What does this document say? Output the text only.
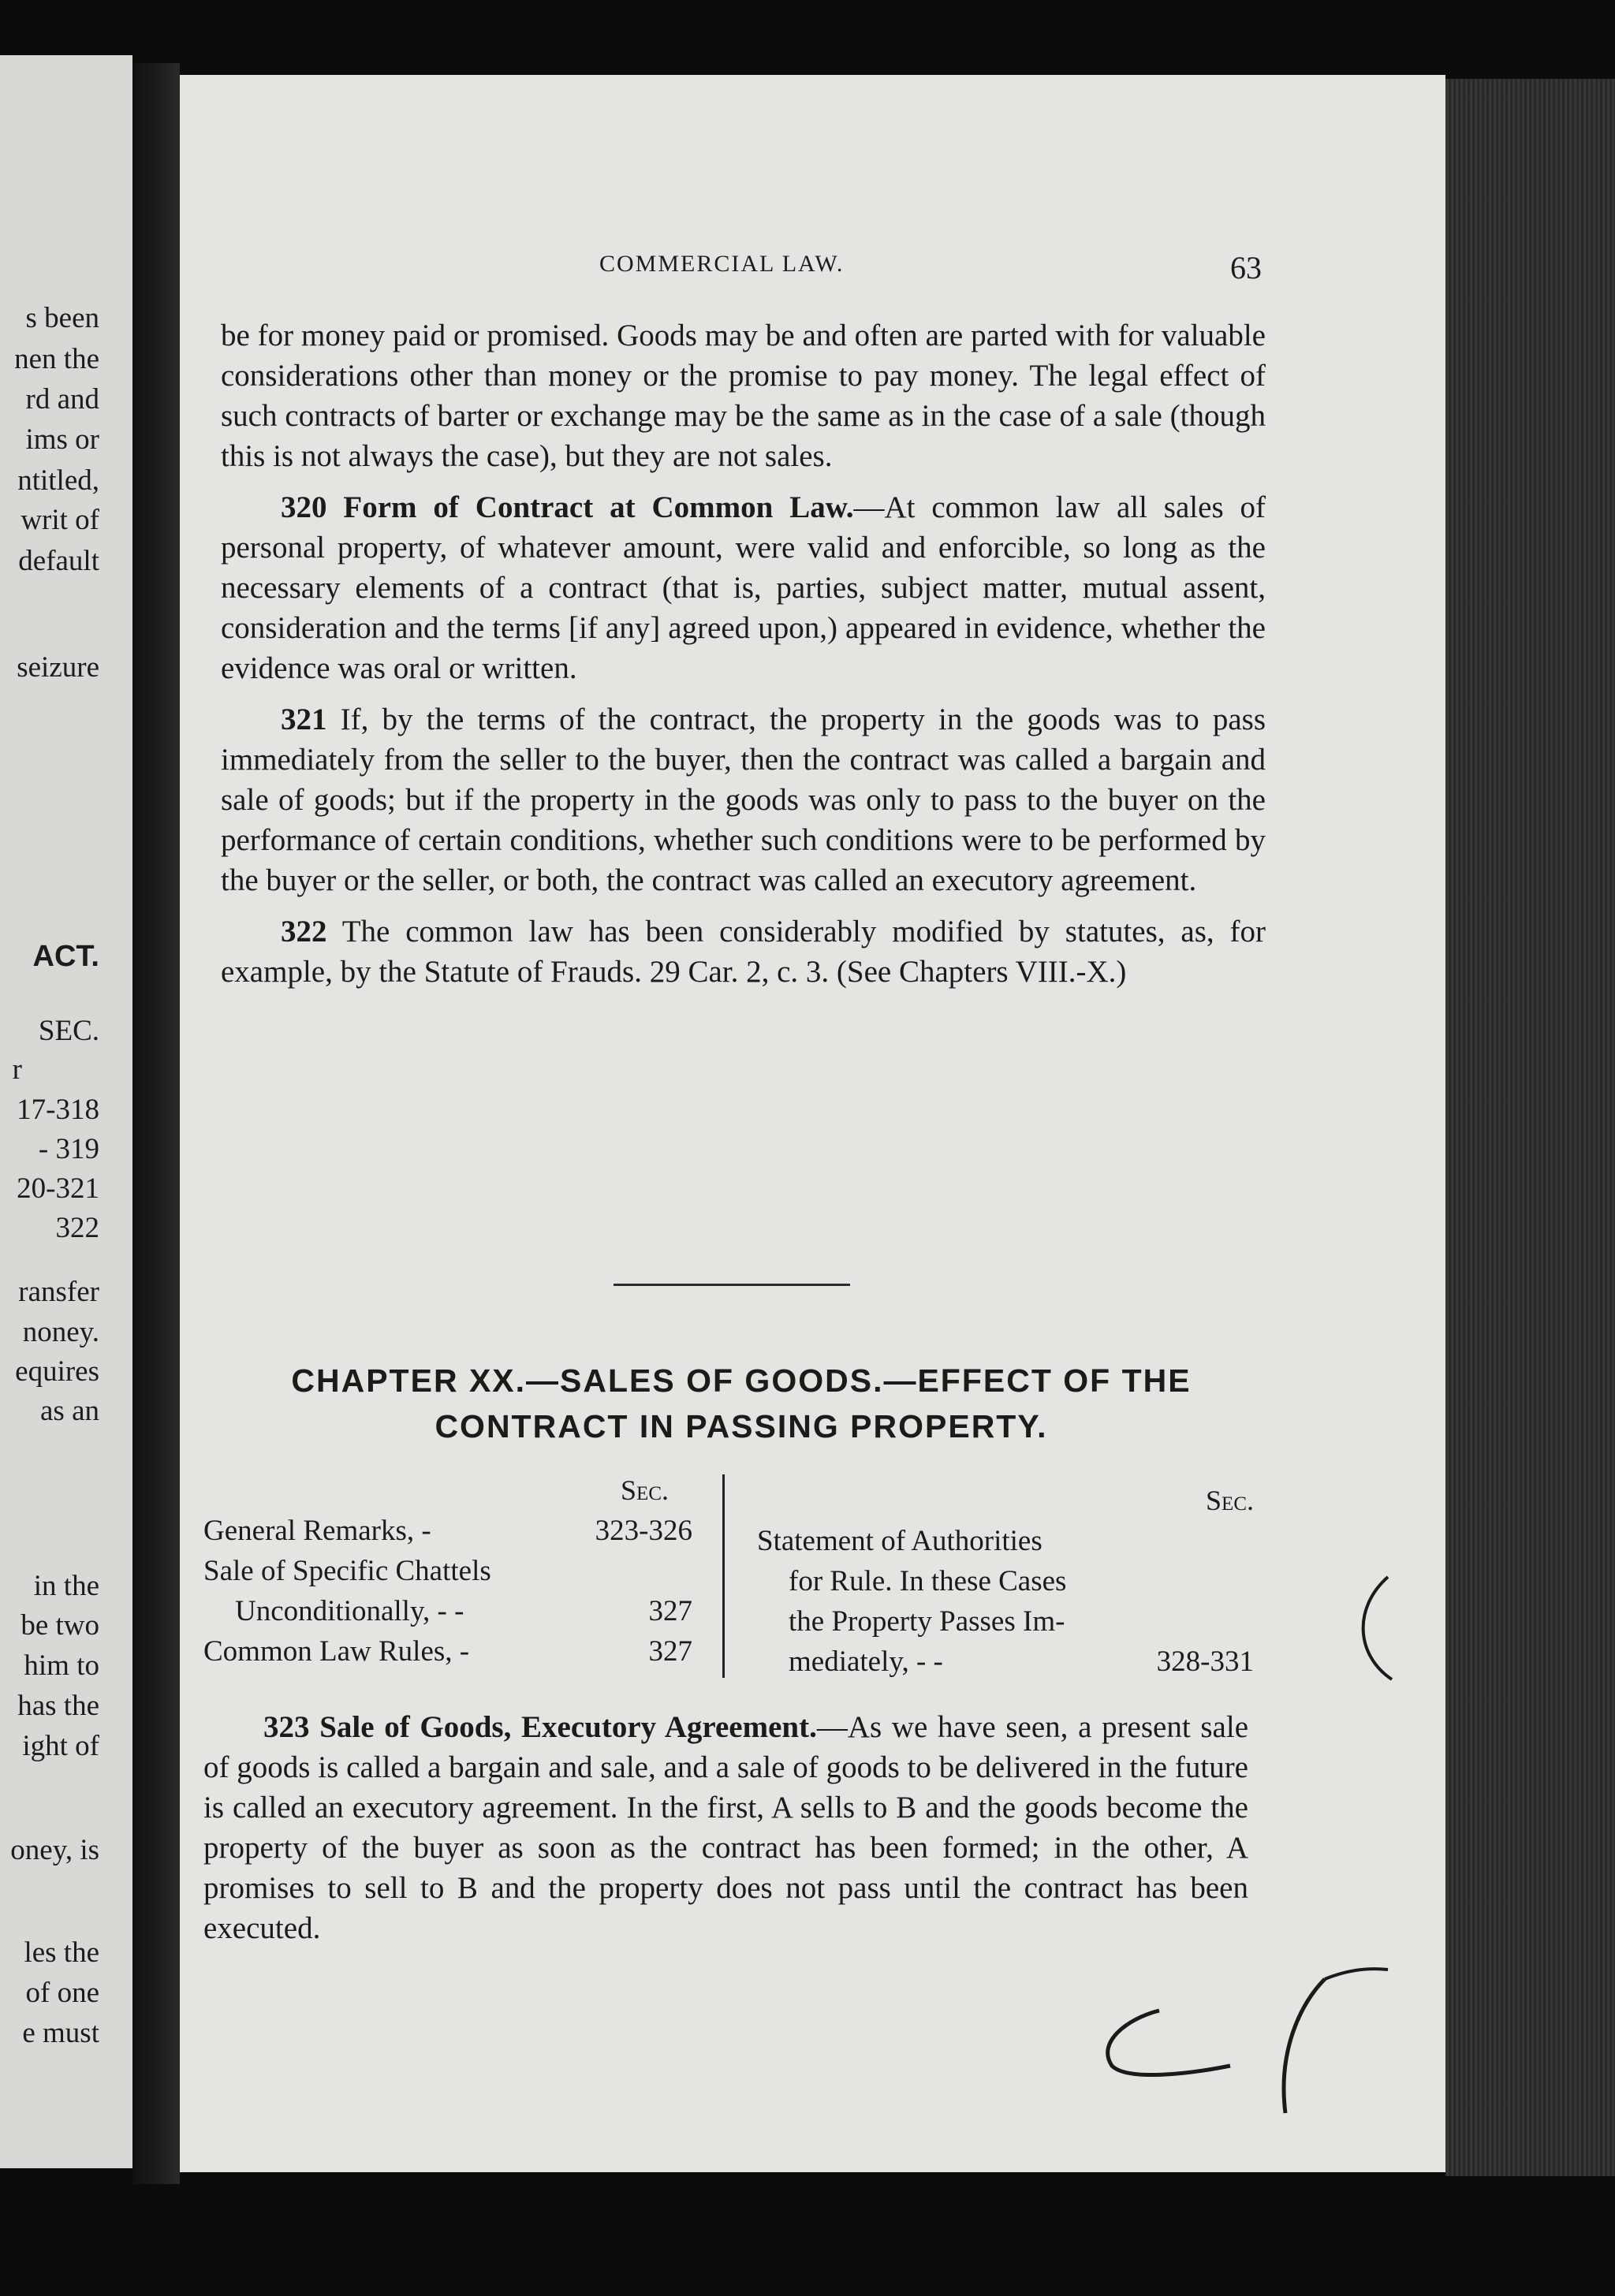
s been
nen the
rd and
ims or
ntitled,
writ of
default
seizure
ACT.
SEC.
r
17-318
- 319
20-321
322
ransfer
noney.
equires
as an
in the
be two
him to
has the
ight of
oney, is
les the
of one
e must
COMMERCIAL LAW.	63

be for money paid or promised. Goods may be and often are parted with for valuable considerations other than money or the promise to pay money. The legal effect of such contracts of barter or exchange may be the same as in the case of a sale (though this is not always the case), but they are not sales.

320 Form of Contract at Common Law.—At common law all sales of personal property, of whatever amount, were valid and enforcible, so long as the necessary elements of a contract (that is, parties, subject matter, mutual assent, consideration and the terms [if any] agreed upon,) appeared in evidence, whether the evidence was oral or written.

321 If, by the terms of the contract, the property in the goods was to pass immediately from the seller to the buyer, then the contract was called a bargain and sale of goods; but if the property in the goods was only to pass to the buyer on the performance of certain conditions, whether such conditions were to be performed by the buyer or the seller, or both, the contract was called an executory agreement.

322 The common law has been considerably modified by statutes, as, for example, by the Statute of Frauds. 29 Car. 2, c. 3. (See Chapters VIII.-X.)

CHAPTER XX.—SALES OF GOODS.—EFFECT OF THE
CONTRACT IN PASSING PROPERTY.
Sec.
General Remarks, -	323-326
Sale of Specific Chattels
Unconditionally, - -	327
Common Law Rules, -	327
Sec.
Statement of Authorities
for Rule. In these Cases
the Property Passes Im-
mediately, - -	328-331

323 Sale of Goods, Executory Agreement.—As we have seen, a present sale of goods is called a bargain and sale, and a sale of goods to be delivered in the future is called an executory agreement. In the first, A sells to B and the goods become the property of the buyer as soon as the contract has been formed; in the other, A promises to sell to B and the property does not pass until the contract has been executed.
